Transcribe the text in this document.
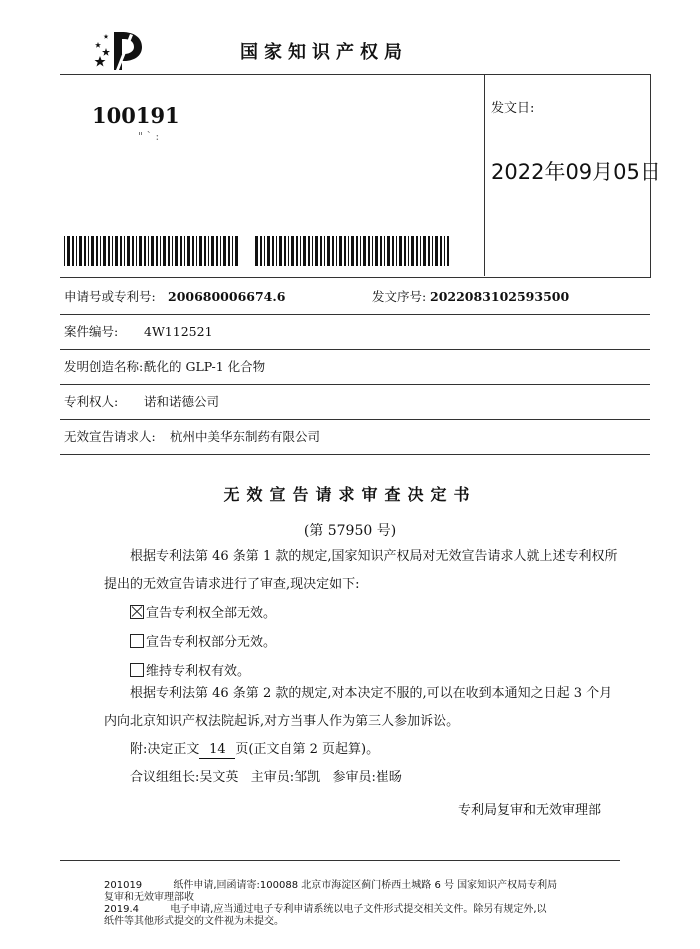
国家知识产权局
100191
" ` :
发文日:
2022年09月05日
申请号或专利号: 200680006674.6	发文序号: 2022083102593500
案件编号: 4W112521
发明创造名称: 酰化的 GLP-1 化合物
专利权人: 诺和诺德公司
无效宣告请求人: 杭州中美华东制药有限公司
无效宣告请求审查决定书
(第 57950 号)
根据专利法第 46 条第 1 款的规定,国家知识产权局对无效宣告请求人就上述专利权所
提出的无效宣告请求进行了审查,现决定如下:
宣告专利权全部无效。
宣告专利权部分无效。
维持专利权有效。
根据专利法第 46 条第 2 款的规定,对本决定不服的,可以在收到本通知之日起 3 个月
内向北京知识产权法院起诉,对方当事人作为第三人参加诉讼。
附:决定正文 14 页(正文自第 2 页起算)。
合议组组长:吴文英   主审员:邹凯   参审员:崔旸
专利局复审和无效审理部
201019	纸件申请,回函请寄:100088 北京市海淀区蓟门桥西土城路 6 号 国家知识产权局专利局
复审和无效审理部收
2019.4	电子申请,应当通过电子专利申请系统以电子文件形式提交相关文件。除另有规定外,以
纸件等其他形式提交的文件视为未提交。
